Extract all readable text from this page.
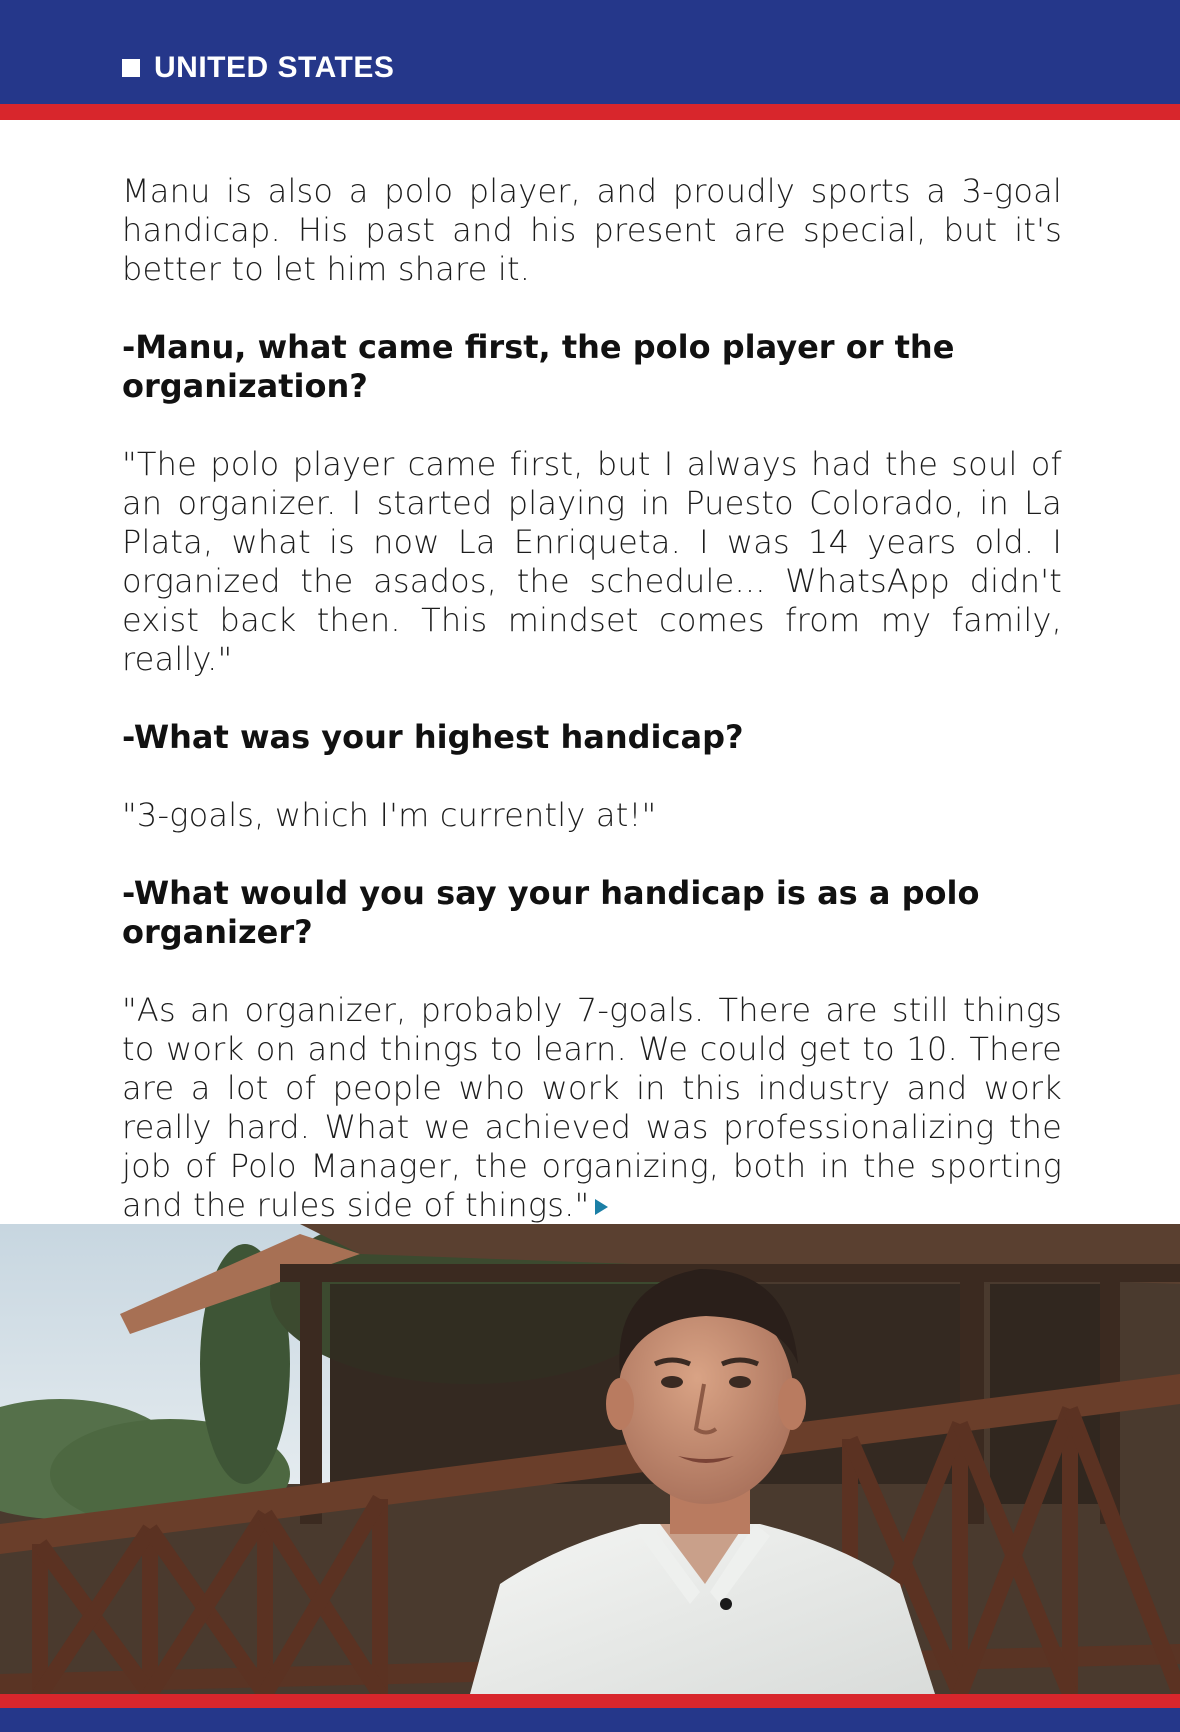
UNITED STATES

Manu is also a polo player, and proudly sports a 3-goal handicap. His past and his present are special, but it's better to let him share it.

-Manu, what came first, the polo player or the organization?

"The polo player came first, but I always had the soul of an organizer. I started playing in Puesto Colorado, in La Plata, what is now La Enriqueta. I was 14 years old. I organized the asados, the schedule... WhatsApp didn't exist back then. This mindset comes from my family, really."

-What was your highest handicap?

"3-goals, which I'm currently at!"

-What would you say your handicap is as a polo organizer?

"As an organizer, probably 7-goals. There are still things to work on and things to learn. We could get to 10. There are a lot of people who work in this industry and work really hard. What we achieved was professionalizing the job of Polo Manager, the organizing, both in the sporting and the rules side of things."
